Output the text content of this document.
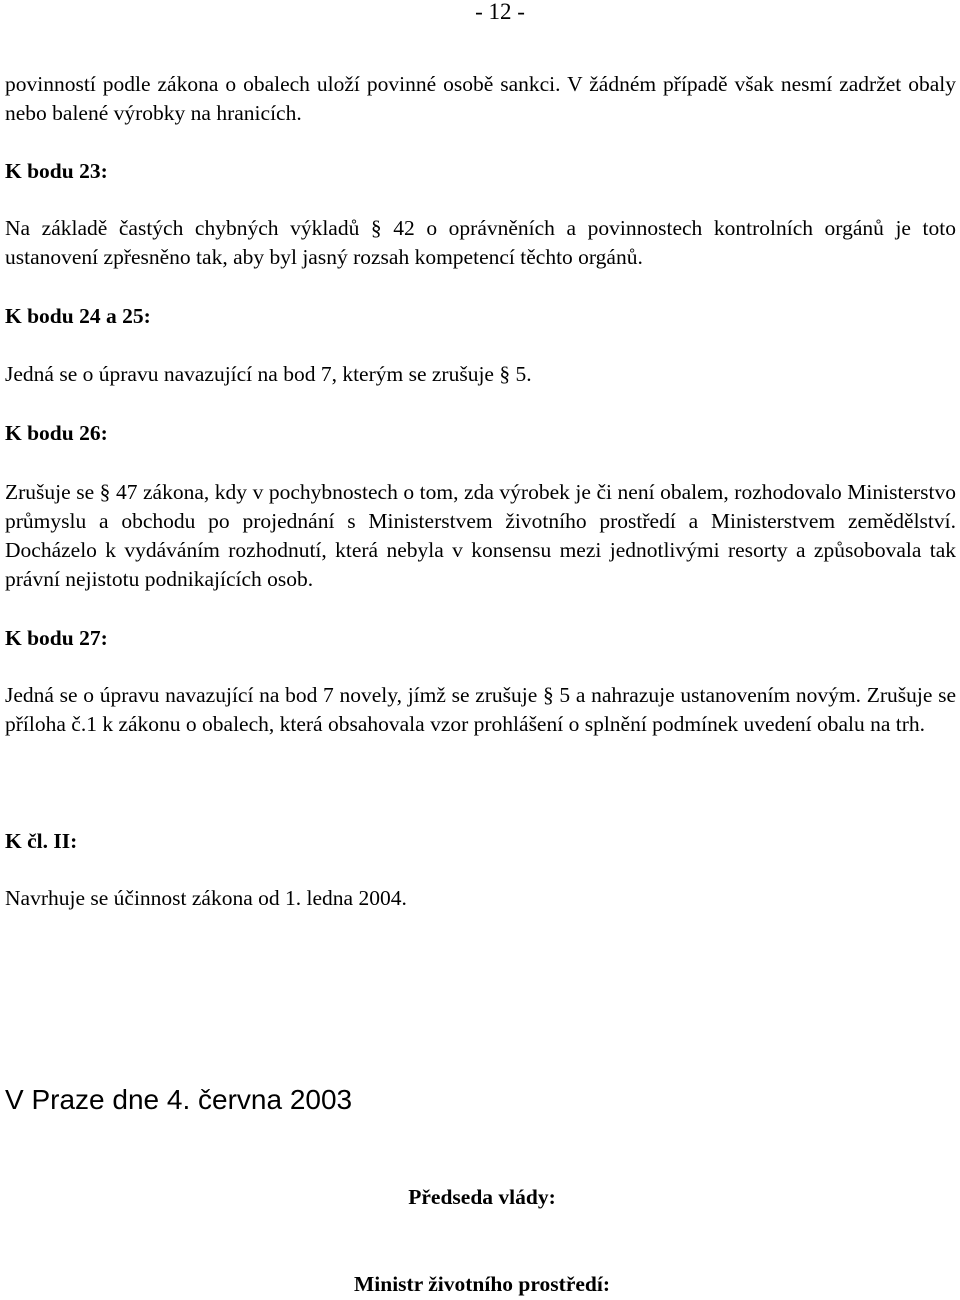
- 12 -
povinností podle zákona o obalech uloží povinné osobě sankci. V žádném případě však nesmí zadržet obaly nebo balené výrobky na hranicích.
K bodu 23:
Na základě častých chybných výkladů § 42 o oprávněních a povinnostech kontrolních orgánů je toto ustanovení zpřesněno tak, aby byl jasný rozsah kompetencí těchto orgánů.
K bodu 24 a 25:
Jedná se o úpravu navazující na bod 7, kterým se zrušuje § 5.
K bodu 26:
Zrušuje se § 47 zákona, kdy v pochybnostech o tom, zda výrobek je či není obalem, rozhodovalo Ministerstvo průmyslu a obchodu po projednání s Ministerstvem životního prostředí a Ministerstvem zemědělství. Docházelo k vydáváním rozhodnutí, která nebyla v konsensu mezi jednotlivými resorty a způsobovala tak právní nejistotu podnikajících osob.
K bodu 27:
Jedná se o úpravu navazující na bod 7 novely, jímž se zrušuje § 5 a nahrazuje ustanovením novým. Zrušuje se příloha č.1 k zákonu o obalech, která obsahovala vzor prohlášení o splnění podmínek uvedení obalu na trh.
K čl. II:
Navrhuje se účinnost zákona od 1. ledna 2004.
V Praze dne 4. června 2003
Předseda vlády:
Ministr životního prostředí:
